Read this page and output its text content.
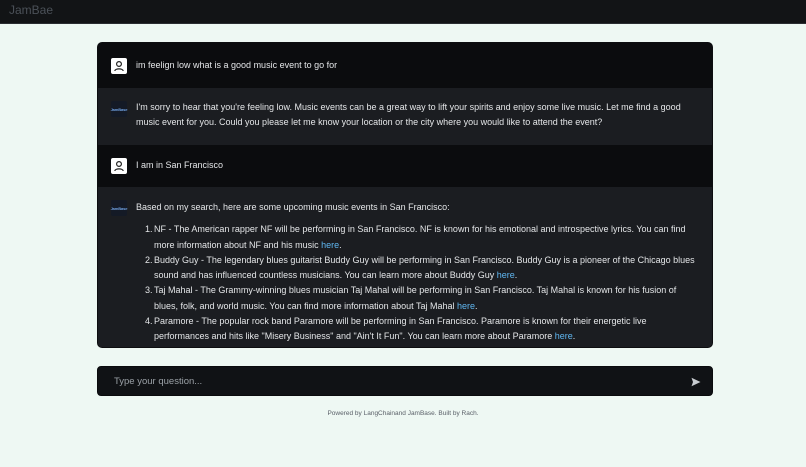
JamBae
im feelign low what is a good music event to go for
JamBase I'm sorry to hear that you're feeling low. Music events can be a great way to lift your spirits and enjoy some live music. Let me find a good music event for you. Could you please let me know your location or the city where you would like to attend the event?
I am in San Francisco
JamBase Based on my search, here are some upcoming music events in San Francisco:
NF - The American rapper NF will be performing in San Francisco. NF is known for his emotional and introspective lyrics. You can find more information about NF and his music here.
Buddy Guy - The legendary blues guitarist Buddy Guy will be performing in San Francisco. Buddy Guy is a pioneer of the Chicago blues sound and has influenced countless musicians. You can learn more about Buddy Guy here.
Taj Mahal - The Grammy-winning blues musician Taj Mahal will be performing in San Francisco. Taj Mahal is known for his fusion of blues, folk, and world music. You can find more information about Taj Mahal here.
Paramore - The popular rock band Paramore will be performing in San Francisco. Paramore is known for their energetic live performances and hits like "Misery Business" and "Ain't It Fun". You can learn more about Paramore here.
Type your question...
Powered by LangChainand JamBase. Built by Rach.
